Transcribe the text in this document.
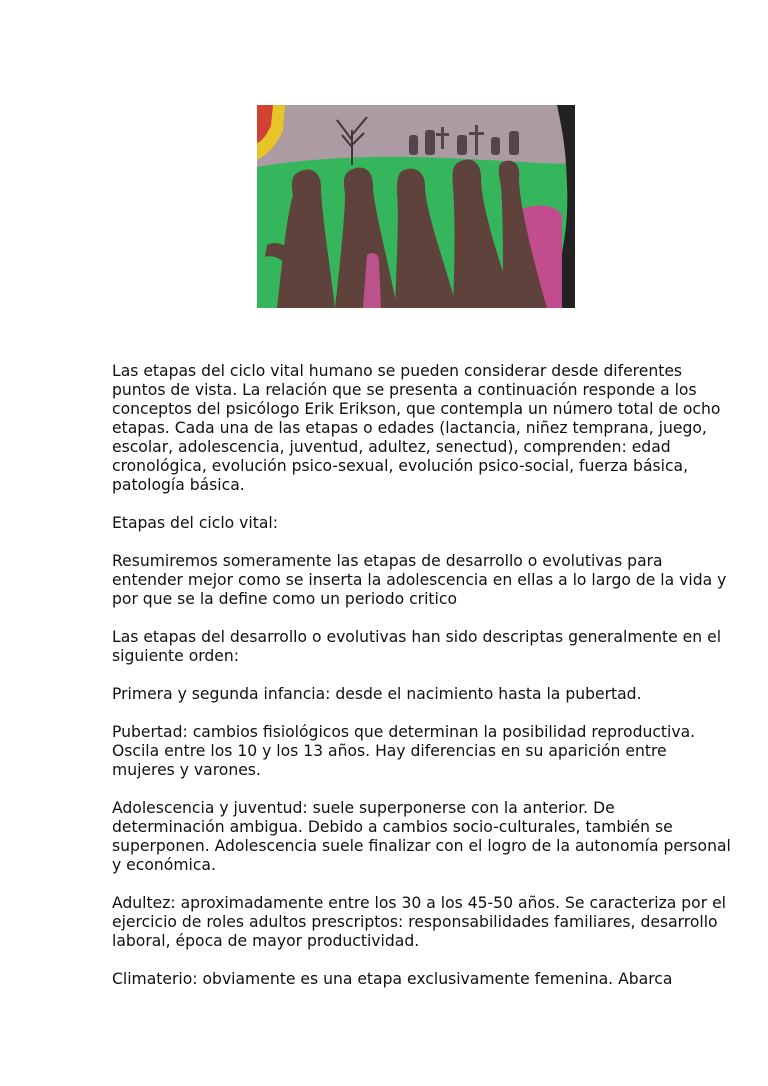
Las etapas del ciclo vital humano se pueden considerar desde diferentes puntos de vista. La relación que se presenta a continuación responde a los conceptos del psicólogo Erik Erikson, que contempla un número total de ocho etapas. Cada una de las etapas o edades (lactancia, niñez temprana, juego, escolar, adolescencia, juventud, adultez, senectud), comprenden: edad cronológica, evolución psico-sexual, evolución psico-social, fuerza básica, patología básica.

Etapas del ciclo vital:

Resumiremos someramente las etapas de desarrollo o evolutivas para entender mejor como se inserta la adolescencia en ellas a lo largo de la vida y por que se la define como un periodo critico

Las etapas del desarrollo o evolutivas han sido descriptas generalmente en el siguiente orden:

Primera y segunda infancia: desde el nacimiento hasta la pubertad.

Pubertad: cambios fisiológicos que determinan la posibilidad reproductiva. Oscila entre los 10 y los 13 años. Hay diferencias en su aparición entre mujeres y varones.

Adolescencia y juventud: suele superponerse con la anterior. De determinación ambigua. Debido a cambios socio-culturales, también se superponen. Adolescencia suele finalizar con el logro de la autonomía personal y económica.

Adultez: aproximadamente entre los 30 a los 45-50 años. Se caracteriza por el ejercicio de roles adultos prescriptos: responsabilidades familiares, desarrollo laboral, época de mayor productividad.

Climaterio: obviamente es una etapa exclusivamente femenina. Abarca
